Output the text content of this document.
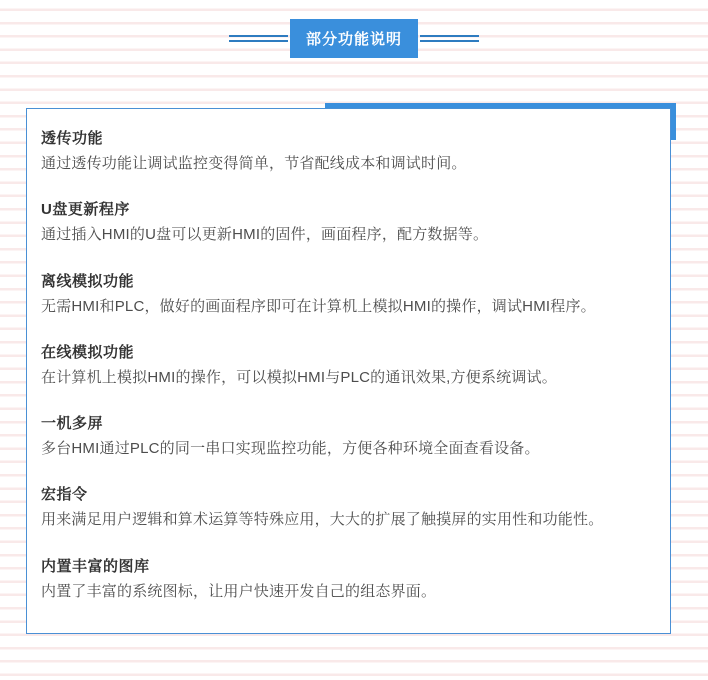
部分功能说明
透传功能

通过透传功能让调试监控变得简单，节省配线成本和调试时间。

U盘更新程序

通过插入HMI的U盘可以更新HMI的固件，画面程序，配方数据等。

离线模拟功能

无需HMI和PLC，做好的画面程序即可在计算机上模拟HMI的操作，调试HMI程序。

在线模拟功能

在计算机上模拟HMI的操作，可以模拟HMI与PLC的通讯效果,方便系统调试。

一机多屏

多台HMI通过PLC的同一串口实现监控功能，方便各种环境全面查看设备。

宏指令

用来满足用户逻辑和算术运算等特殊应用，大大的扩展了触摸屏的实用性和功能性。

内置丰富的图库

内置了丰富的系统图标，让用户快速开发自己的组态界面。
